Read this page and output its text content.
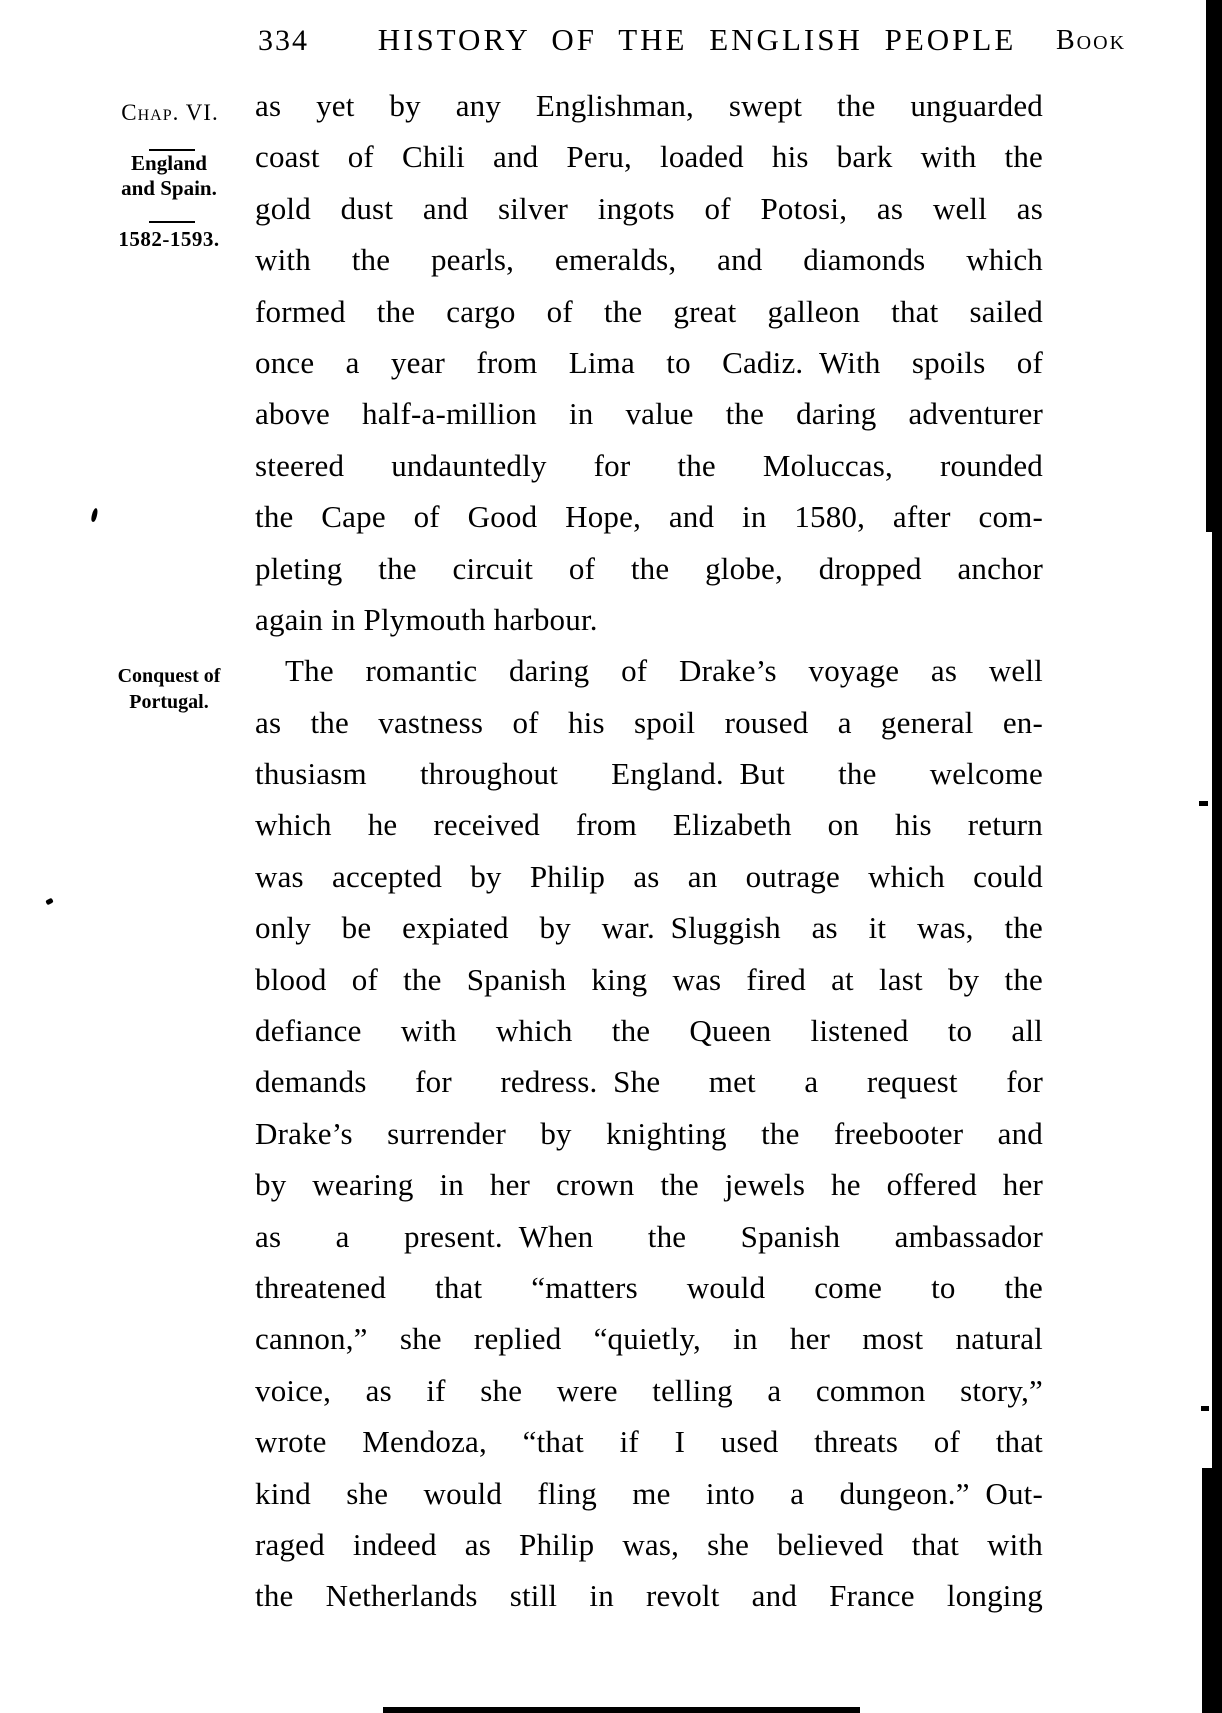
334	HISTORY OF THE ENGLISH PEOPLE	Book
Chap. VI.
England
and Spain.
1582-1593.
Conquest of
Portugal.
as yet by any Englishman, swept the unguarded
coast of Chili and Peru, loaded his bark with the
gold dust and silver ingots of Potosi, as well as
with the pearls, emeralds, and diamonds which
formed the cargo of the great galleon that sailed
once a year from Lima to Cadiz. With spoils of
above half-a-million in value the daring adventurer
steered undauntedly for the Moluccas, rounded
the Cape of Good Hope, and in 1580, after com-
pleting the circuit of the globe, dropped anchor
again in Plymouth harbour.
The romantic daring of Drake’s voyage as well
as the vastness of his spoil roused a general en-
thusiasm throughout England. But the welcome
which he received from Elizabeth on his return
was accepted by Philip as an outrage which could
only be expiated by war. Sluggish as it was, the
blood of the Spanish king was fired at last by the
defiance with which the Queen listened to all
demands for redress. She met a request for
Drake’s surrender by knighting the freebooter and
by wearing in her crown the jewels he offered her
as a present. When the Spanish ambassador
threatened that “matters would come to the
cannon,” she replied “quietly, in her most natural
voice, as if she were telling a common story,”
wrote Mendoza, “that if I used threats of that
kind she would fling me into a dungeon.” Out-
raged indeed as Philip was, she believed that with
the Netherlands still in revolt and France longing
